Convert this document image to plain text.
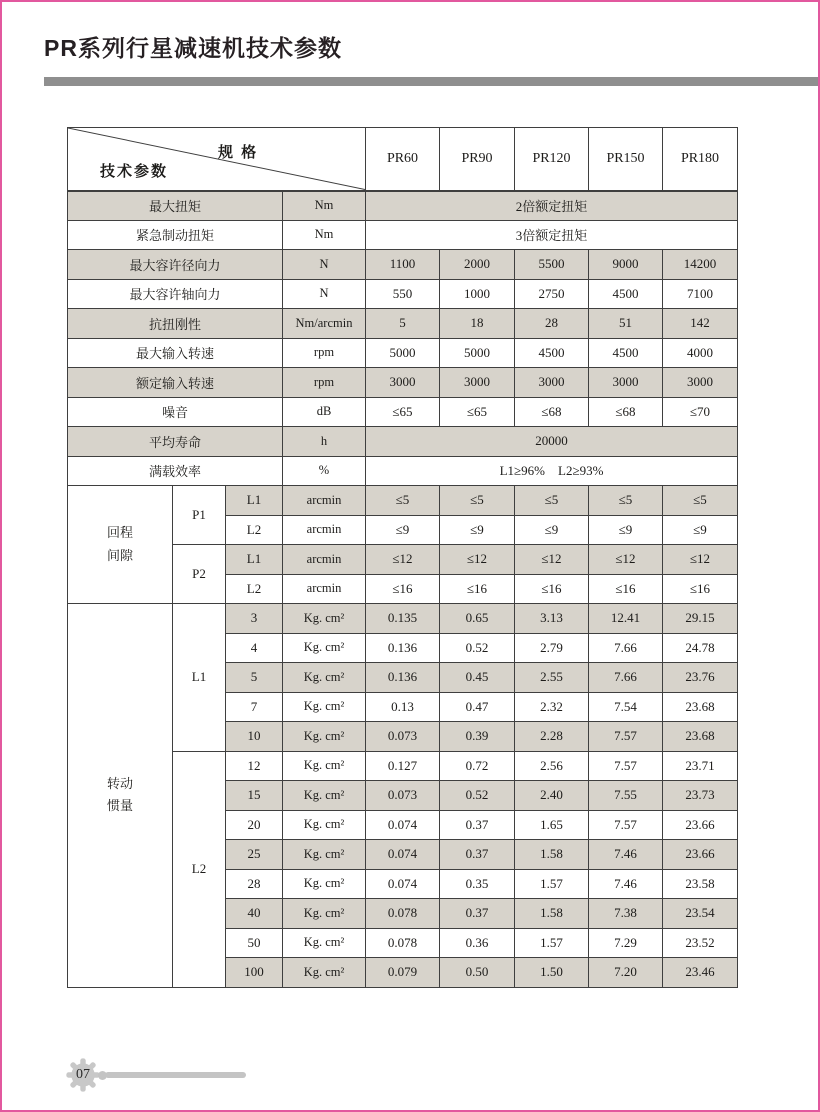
PR系列行星减速机技术参数
规 格
技术参数				PR60	PR90	PR120	PR150	PR180
最大扭矩			Nm	2倍额定扭矩				
紧急制动扭矩			Nm	3倍额定扭矩				
最大容许径向力			N	1100	2000	5500	9000	14200
最大容许轴向力			N	550	1000	2750	4500	7100
抗扭刚性			Nm/arcmin	5	18	28	51	142
最大输入转速			rpm	5000	5000	4500	4500	4000
额定输入转速			rpm	3000	3000	3000	3000	3000
噪音			dB	≤65	≤65	≤68	≤68	≤70
平均寿命			h	20000				
满载效率			%	L1≥96%    L2≥93%				

回程
间隙	P1	L1	arcmin	≤5	≤5	≤5	≤5	≤5
		L2	arcmin	≤9	≤9	≤9	≤9	≤9
	P2	L1	arcmin	≤12	≤12	≤12	≤12	≤12
		L2	arcmin	≤16	≤16	≤16	≤16	≤16

转动
惯量	L1	3	Kg. cm²	0.135	0.65	3.13	12.41	29.15
		4	Kg. cm²	0.136	0.52	2.79	7.66	24.78
		5	Kg. cm²	0.136	0.45	2.55	7.66	23.76
		7	Kg. cm²	0.13	0.47	2.32	7.54	23.68
		10	Kg. cm²	0.073	0.39	2.28	7.57	23.68
	L2	12	Kg. cm²	0.127	0.72	2.56	7.57	23.71
		15	Kg. cm²	0.073	0.52	2.40	7.55	23.73
		20	Kg. cm²	0.074	0.37	1.65	7.57	23.66
		25	Kg. cm²	0.074	0.37	1.58	7.46	23.66
		28	Kg. cm²	0.074	0.35	1.57	7.46	23.58
		40	Kg. cm²	0.078	0.37	1.58	7.38	23.54
		50	Kg. cm²	0.078	0.36	1.57	7.29	23.52
		100	Kg. cm²	0.079	0.50	1.50	7.20	23.46
07
